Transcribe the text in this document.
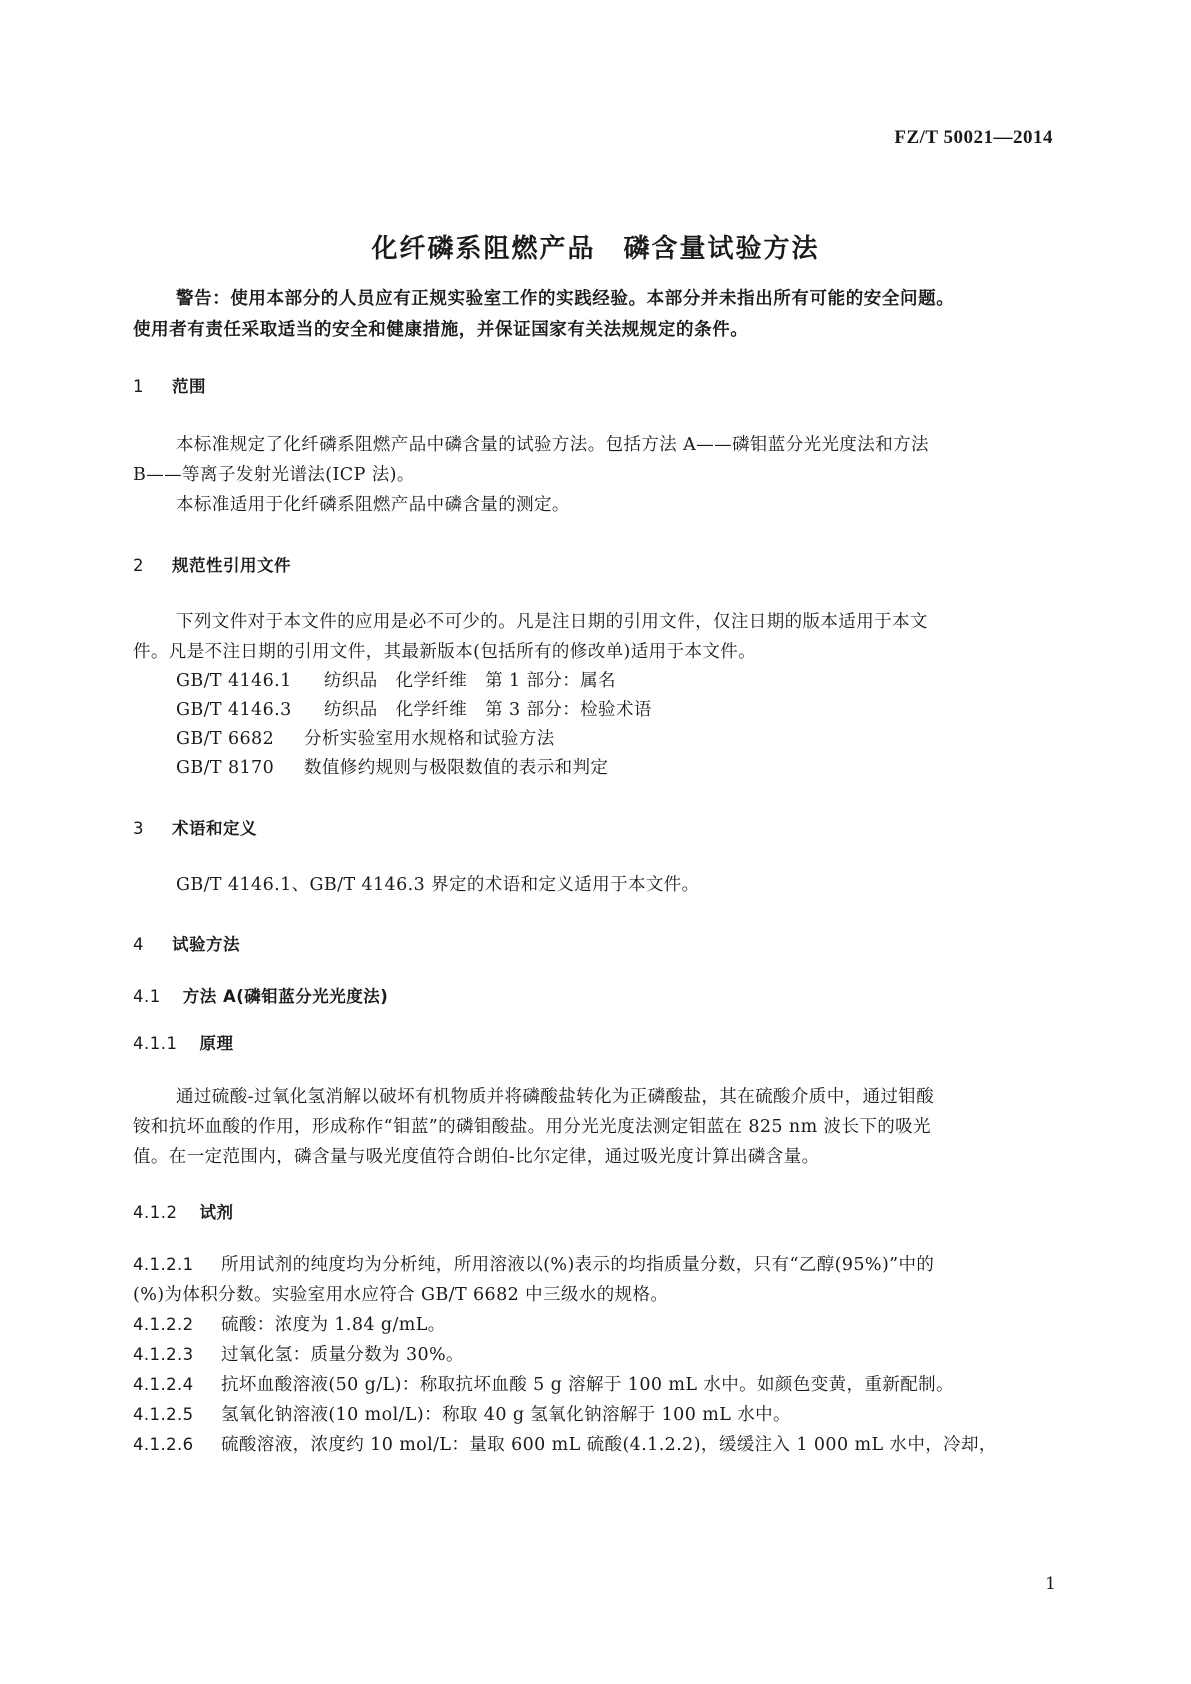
FZ/T 50021—2014
化纤磷系阻燃产品　磷含量试验方法
警告：使用本部分的人员应有正规实验室工作的实践经验。本部分并未指出所有可能的安全问题。
使用者有责任采取适当的安全和健康措施，并保证国家有关法规规定的条件。
1 范围
本标准规定了化纤磷系阻燃产品中磷含量的试验方法。包括方法 A——磷钼蓝分光光度法和方法
B——等离子发射光谱法(ICP 法)。
本标准适用于化纤磷系阻燃产品中磷含量的测定。
2 规范性引用文件
下列文件对于本文件的应用是必不可少的。凡是注日期的引用文件，仅注日期的版本适用于本文
件。凡是不注日期的引用文件，其最新版本(包括所有的修改单)适用于本文件。
GB/T 4146.1 纺织品　化学纤维　第 1 部分：属名
GB/T 4146.3 纺织品　化学纤维　第 3 部分：检验术语
GB/T 6682 分析实验室用水规格和试验方法
GB/T 8170 数值修约规则与极限数值的表示和判定
3 术语和定义
GB/T 4146.1、GB/T 4146.3 界定的术语和定义适用于本文件。
4 试验方法
4.1 方法 A(磷钼蓝分光光度法)
4.1.1 原理
通过硫酸-过氧化氢消解以破坏有机物质并将磷酸盐转化为正磷酸盐，其在硫酸介质中，通过钼酸
铵和抗坏血酸的作用，形成称作“钼蓝”的磷钼酸盐。用分光光度法测定钼蓝在 825 nm 波长下的吸光
值。在一定范围内，磷含量与吸光度值符合朗伯-比尔定律，通过吸光度计算出磷含量。
4.1.2 试剂
4.1.2.1 所用试剂的纯度均为分析纯，所用溶液以(%)表示的均指质量分数，只有“乙醇(95%)”中的
(%)为体积分数。实验室用水应符合 GB/T 6682 中三级水的规格。
4.1.2.2 硫酸：浓度为 1.84 g/mL。
4.1.2.3 过氧化氢：质量分数为 30%。
4.1.2.4 抗坏血酸溶液(50 g/L)：称取抗坏血酸 5 g 溶解于 100 mL 水中。如颜色变黄，重新配制。
4.1.2.5 氢氧化钠溶液(10 mol/L)：称取 40 g 氢氧化钠溶解于 100 mL 水中。
4.1.2.6 硫酸溶液，浓度约 10 mol/L：量取 600 mL 硫酸(4.1.2.2)，缓缓注入 1 000 mL 水中，冷却，
1
